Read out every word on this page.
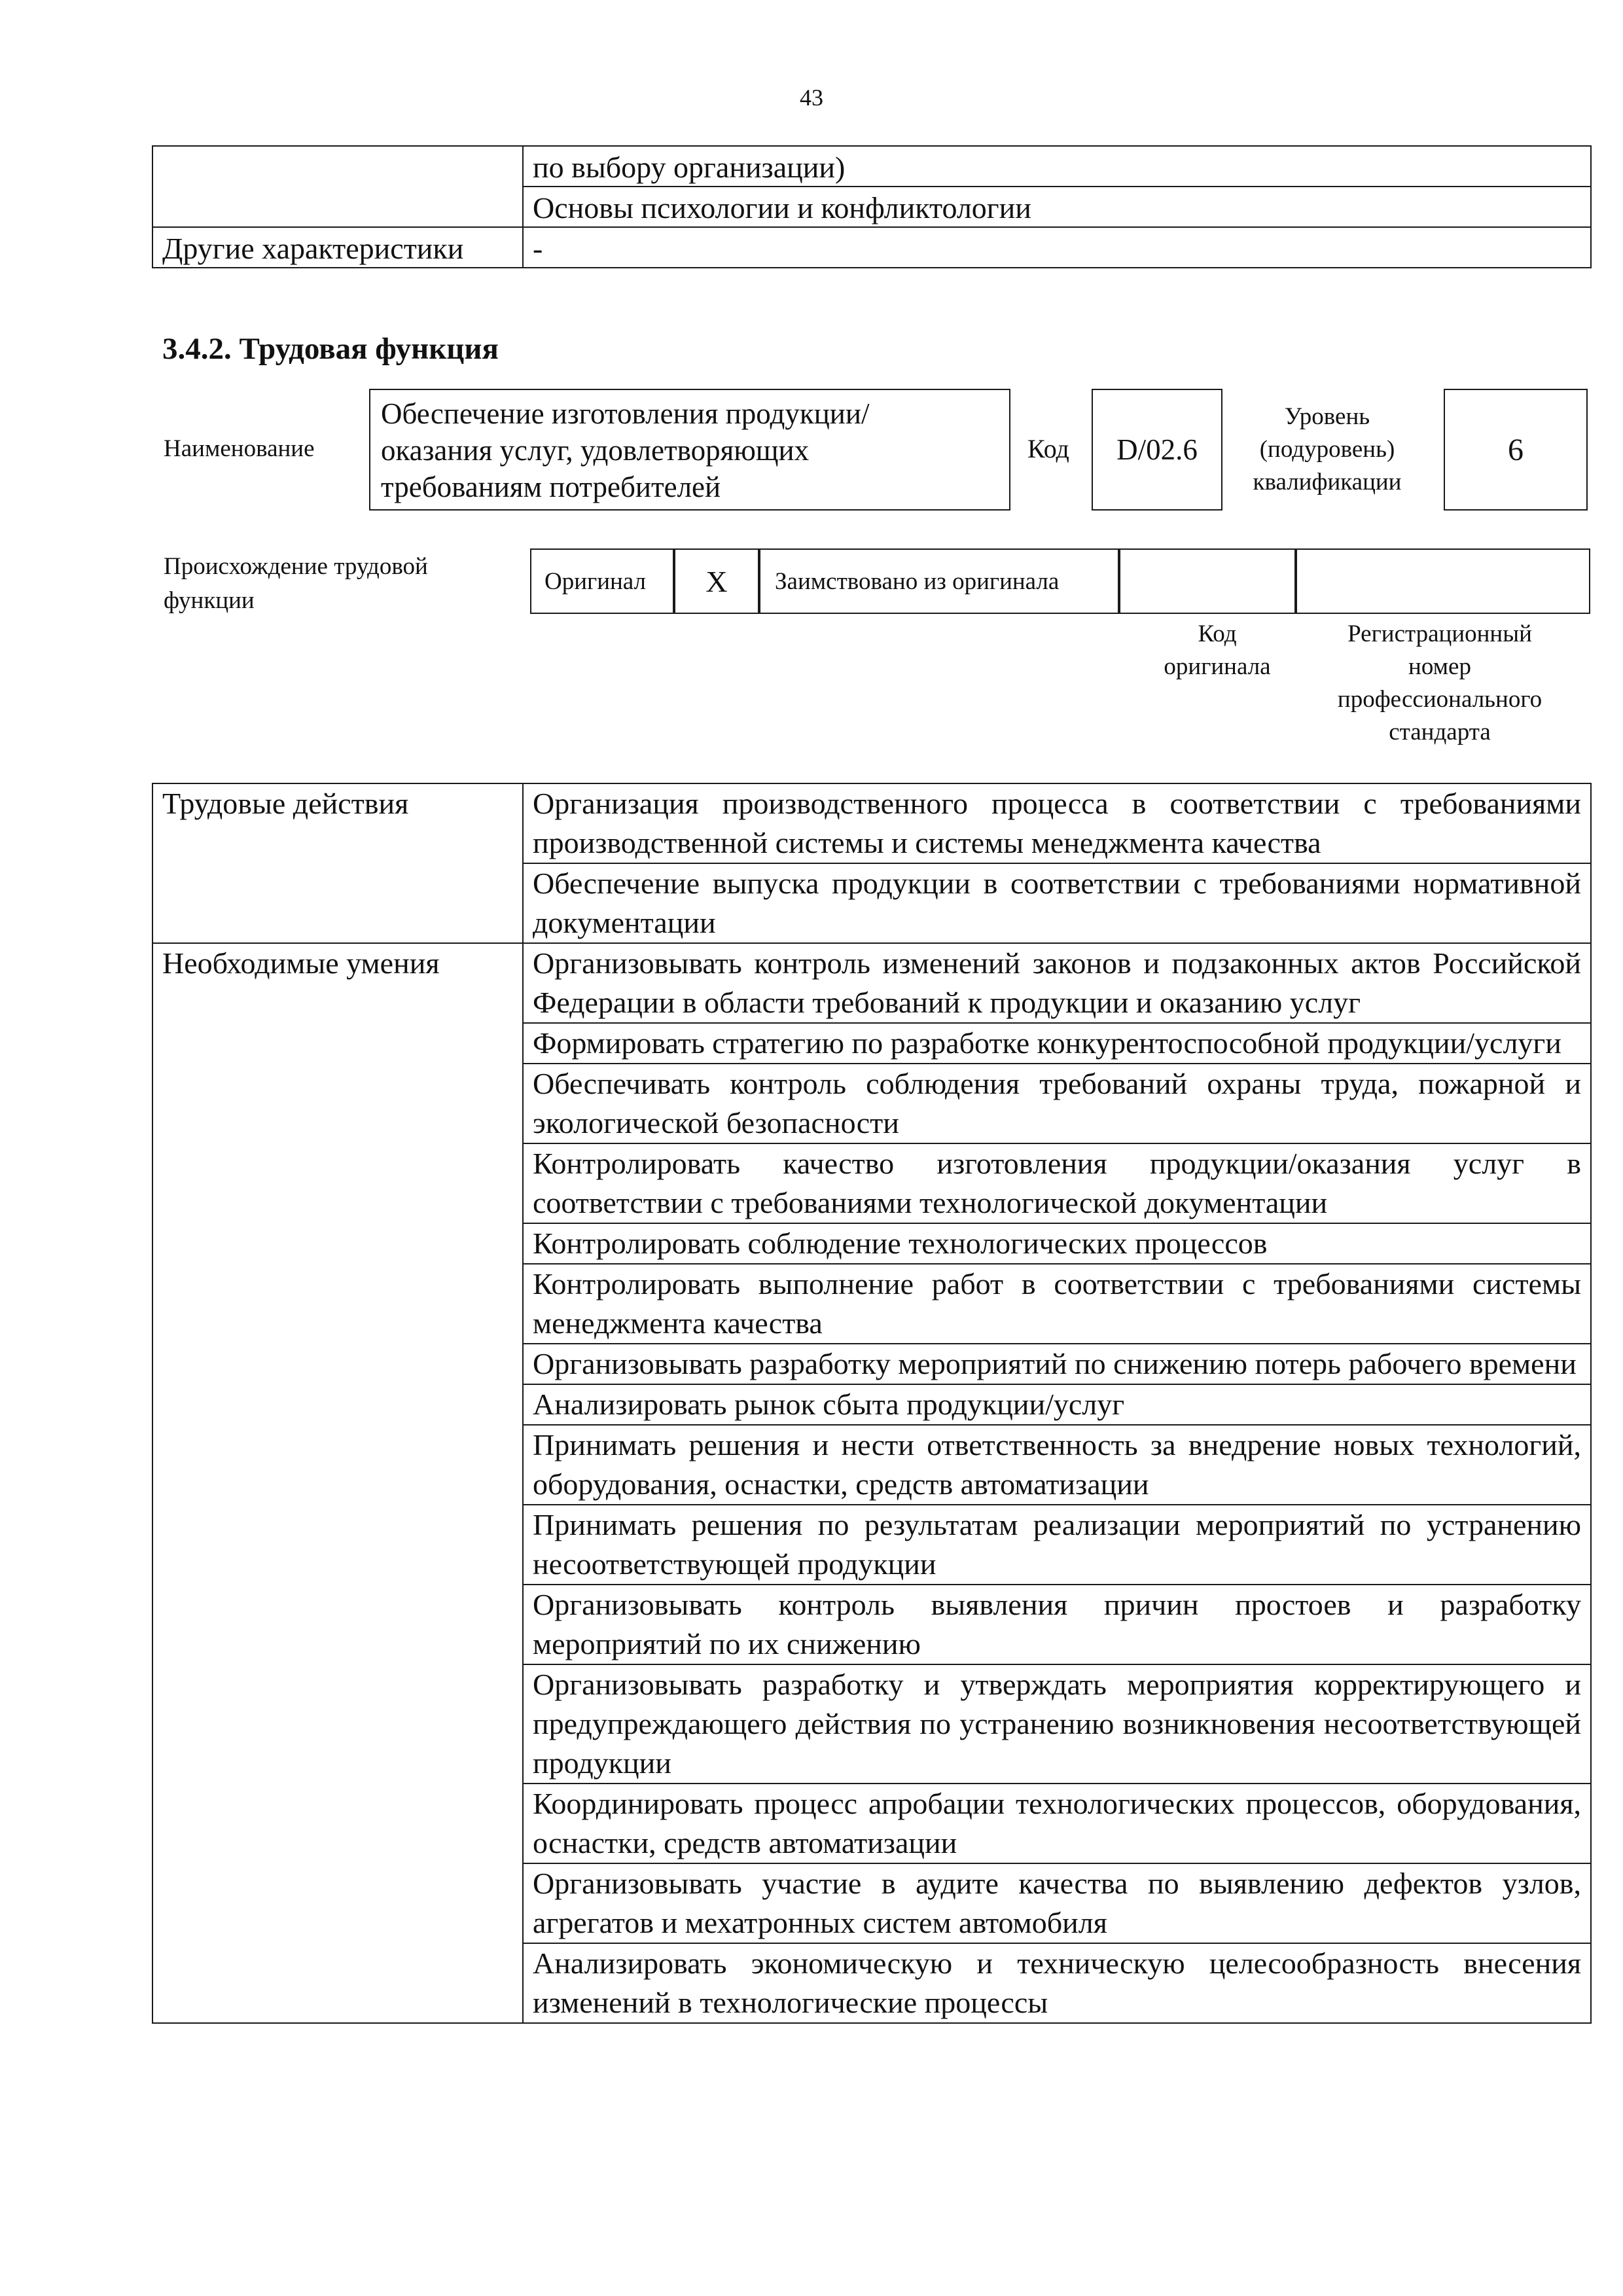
43
	по выбору организации)
	Основы психологии и конфликтологии
Другие характеристики	-
3.4.2. Трудовая функция
Наименование
Обеспечение изготовления продукции/
оказания услуг, удовлетворяющих
требованиям потребителей
Код	D/02.6
Уровень
(подуровень)
квалификации
6
Происхождение трудовой
функции
Оригинал	X	Заимствовано из оригинала
Код
оригинала
Регистрационный
номер
профессионального
стандарта
Трудовые действия	Организация производственного процесса в соответствии с требованиями производственной системы и системы менеджмента качества
	Обеспечение выпуска продукции в соответствии с требованиями нормативной документации
Необходимые умения	Организовывать контроль изменений законов и подзаконных актов Российской Федерации в области требований к продукции и оказанию услуг
	Формировать стратегию по разработке конкурентоспособной продукции/услуги
	Обеспечивать контроль соблюдения требований охраны труда, пожарной и экологической безопасности
	Контролировать качество изготовления продукции/оказания услуг в соответствии с требованиями технологической документации
	Контролировать соблюдение технологических процессов
	Контролировать выполнение работ в соответствии с требованиями системы менеджмента качества
	Организовывать разработку мероприятий по снижению потерь рабочего времени
	Анализировать рынок сбыта продукции/услуг
	Принимать решения и нести ответственность за внедрение новых технологий, оборудования, оснастки, средств автоматизации
	Принимать решения по результатам реализации мероприятий по устранению несоответствующей продукции
	Организовывать контроль выявления причин простоев и разработку мероприятий по их снижению
	Организовывать разработку и утверждать мероприятия корректирующего и предупреждающего действия по устранению возникновения несоответствующей продукции
	Координировать процесс апробации технологических процессов, оборудования, оснастки, средств автоматизации
	Организовывать участие в аудите качества по выявлению дефектов узлов, агрегатов и мехатронных систем автомобиля
	Анализировать экономическую и техническую целесообразность внесения изменений в технологические процессы
